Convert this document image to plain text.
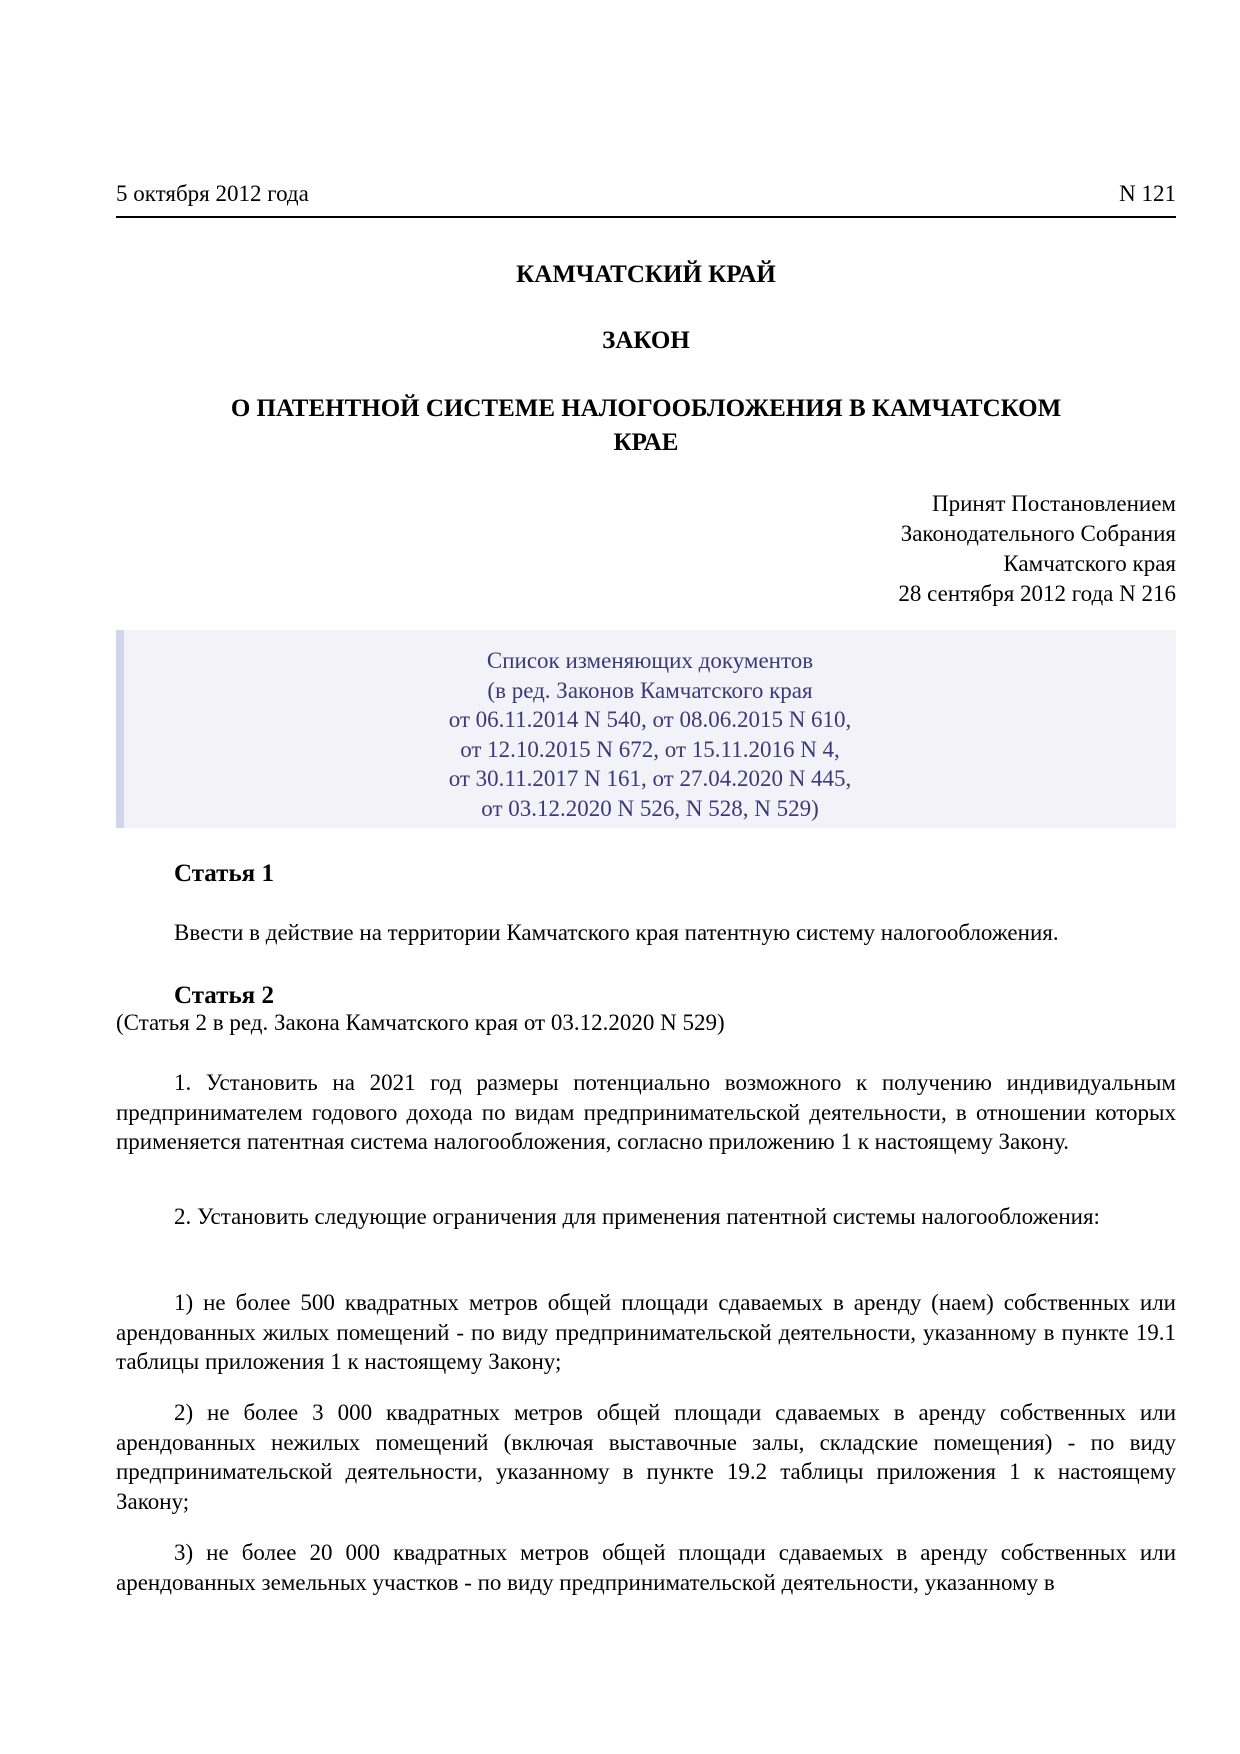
5 октября 2012 года	N 121
КАМЧАТСКИЙ КРАЙ
ЗАКОН
О ПАТЕНТНОЙ СИСТЕМЕ НАЛОГООБЛОЖЕНИЯ В КАМЧАТСКОМ
КРАЕ
Принят Постановлением
Законодательного Собрания
Камчатского края
28 сентября 2012 года N 216
Список изменяющих документов
(в ред. Законов Камчатского края
от 06.11.2014 N 540, от 08.06.2015 N 610,
от 12.10.2015 N 672, от 15.11.2016 N 4,
от 30.11.2017 N 161, от 27.04.2020 N 445,
от 03.12.2020 N 526, N 528, N 529)
Статья 1
Ввести в действие на территории Камчатского края патентную систему налогообложения.
Статья 2
(Статья 2 в ред. Закона Камчатского края от 03.12.2020 N 529)
1. Установить на 2021 год размеры потенциально возможного к получению индивидуальным предпринимателем годового дохода по видам предпринимательской деятельности, в отношении которых применяется патентная система налогообложения, согласно приложению 1 к настоящему Закону.
2. Установить следующие ограничения для применения патентной системы налогообложения:
1) не более 500 квадратных метров общей площади сдаваемых в аренду (наем) собственных или арендованных жилых помещений - по виду предпринимательской деятельности, указанному в пункте 19.1 таблицы приложения 1 к настоящему Закону;
2) не более 3 000 квадратных метров общей площади сдаваемых в аренду собственных или арендованных нежилых помещений (включая выставочные залы, складские помещения) - по виду предпринимательской деятельности, указанному в пункте 19.2 таблицы приложения 1 к настоящему Закону;
3) не более 20 000 квадратных метров общей площади сдаваемых в аренду собственных или арендованных земельных участков - по виду предпринимательской деятельности, указанному в
